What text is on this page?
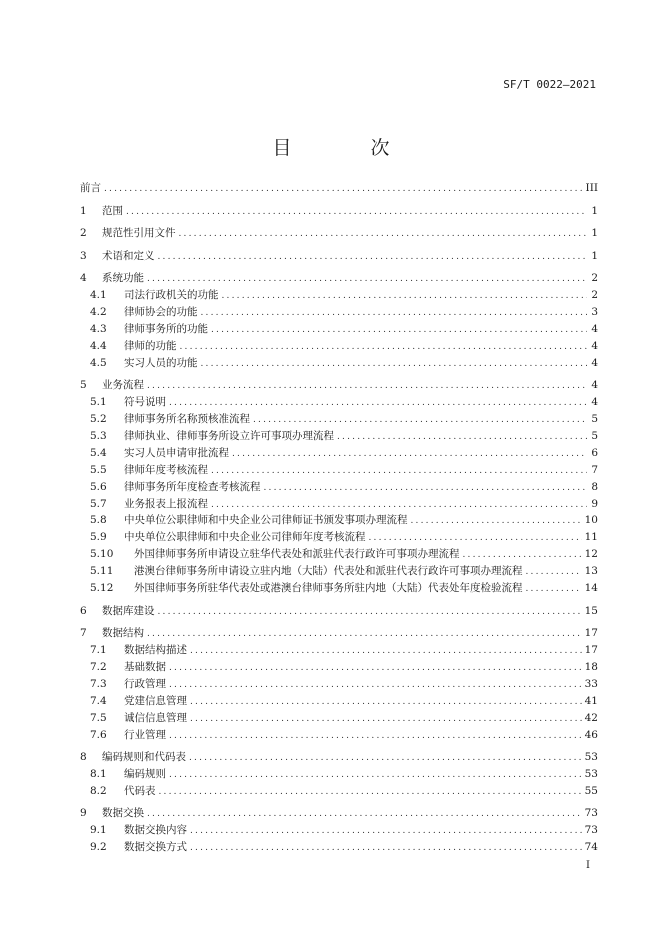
SF/T 0022—2021
目　次
前言 .....	III
1	范围 .....	1
2	规范性引用文件 .....	1
3	术语和定义 .....	1
4	系统功能 .....	2
4.1	司法行政机关的功能 .....	2
4.2	律师协会的功能 .....	3
4.3	律师事务所的功能 .....	4
4.4	律师的功能 .....	4
4.5	实习人员的功能 .....	4
5	业务流程 .....	4
5.1	符号说明 .....	4
5.2	律师事务所名称预核准流程 .....	5
5.3	律师执业、律师事务所设立许可事项办理流程 .....	5
5.4	实习人员申请审批流程 .....	6
5.5	律师年度考核流程 .....	7
5.6	律师事务所年度检查考核流程 .....	8
5.7	业务报表上报流程 .....	9
5.8	中央单位公职律师和中央企业公司律师证书颁发事项办理流程 .....	10
5.9	中央单位公职律师和中央企业公司律师年度考核流程 .....	11
5.10	外国律师事务所申请设立驻华代表处和派驻代表行政许可事项办理流程 .....	12
5.11	港澳台律师事务所申请设立驻内地（大陆）代表处和派驻代表行政许可事项办理流程 .....	13
5.12	外国律师事务所驻华代表处或港澳台律师事务所驻内地（大陆）代表处年度检验流程 .....	14
6	数据库建设 .....	15
7	数据结构 .....	17
7.1	数据结构描述 .....	17
7.2	基础数据 .....	18
7.3	行政管理 .....	33
7.4	党建信息管理 .....	41
7.5	诚信信息管理 .....	42
7.6	行业管理 .....	46
8	编码规则和代码表 .....	53
8.1	编码规则 .....	53
8.2	代码表 .....	55
9	数据交换 .....	73
9.1	数据交换内容 .....	73
9.2	数据交换方式 .....	74
I
